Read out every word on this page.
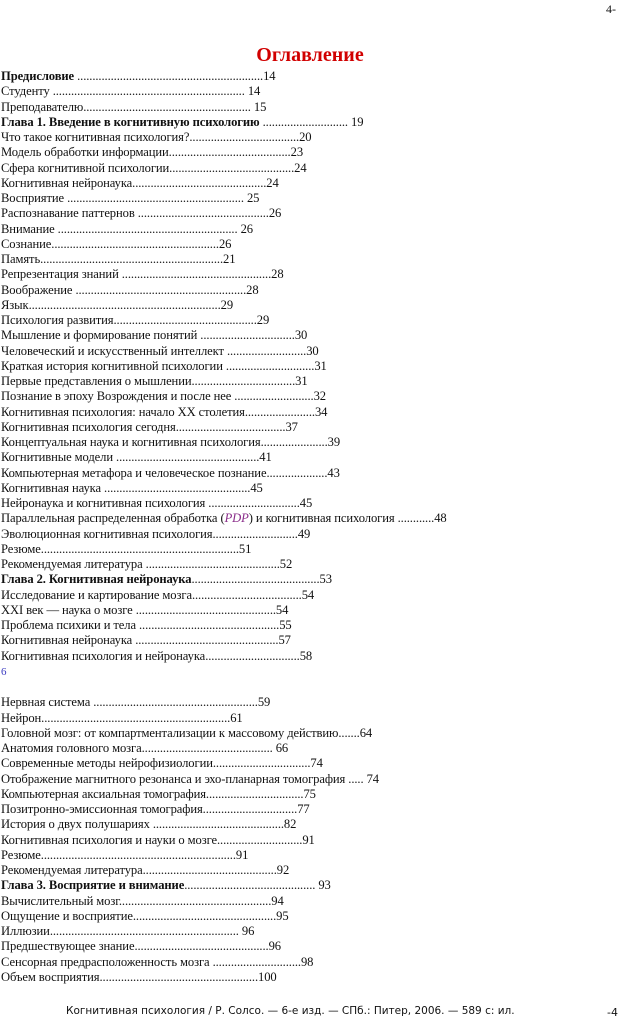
4-
Оглавление
Предисловие .............................................................14
Студенту ............................................................... 14
Преподавателю....................................................... 15
Глава 1. Введение в когнитивную психологию ............................ 19
Что такое когнитивная психология?....................................20
Модель обработки информации........................................23
Сфера когнитивной психологии.........................................24
Когнитивная нейронаука............................................24
Восприятие .......................................................... 25
Распознавание паттернов ...........................................26
Внимание ........................................................... 26
Сознание.......................................................26
Память............................................................21
Репрезентация знаний .................................................28
Воображение ........................................................28
Язык...............................................................29
Психология развития...............................................29
Мышление и формирование понятий ...............................30
Человеческий и искусственный интеллект ..........................30
Краткая история когнитивной психологии .............................31
Первые представления о мышлении..................................31
Познание в эпоху Возрождения и после нее ..........................32
Когнитивная психология: начало XX столетия.......................34
Когнитивная психология сегодня....................................37
Концептуальная наука и когнитивная психология......................39
Когнитивные модели ...............................................41
Компьютерная метафора и человеческое познание....................43
Когнитивная наука ................................................45
Нейронаука и когнитивная психология ..............................45
Параллельная распределенная обработка (PDP) и когнитивная психология ............48
Эволюционная когнитивная психология............................49
Резюме.................................................................51
Рекомендуемая литература ............................................52
Глава 2. Когнитивная нейронаука..........................................53
Исследование и картирование мозга....................................54
XXI век — наука о мозге ..............................................54
Проблема психики и тела ..............................................55
Когнитивная нейронаука ...............................................57
Когнитивная психология и нейронаука...............................58
6
Нервная система ......................................................59
Нейрон..............................................................61
Головной мозг: от компартментализации к массовому действию.......64
Анатомия головного мозга........................................... 66
Современные методы нейрофизиологии................................74
Отображение магнитного резонанса и эхо-планарная томография ..... 74
Компьютерная аксиальная томография................................75
Позитронно-эмиссионная томография...............................77
История о двух полушариях ...........................................82
Когнитивная психология и науки о мозге............................91
Резюме................................................................91
Рекомендуемая литература............................................92
Глава 3. Восприятие и внимание........................................... 93
Вычислительный мозг..................................................94
Ощущение и восприятие...............................................95
Иллюзии.............................................................. 96
Предшествующее знание............................................96
Сенсорная предрасположенность мозга .............................98
Объем восприятия....................................................100
Когнитивная психология / Р. Солсо. — 6-е изд. — СПб.: Питер, 2006. — 589 с: ил.	-4
